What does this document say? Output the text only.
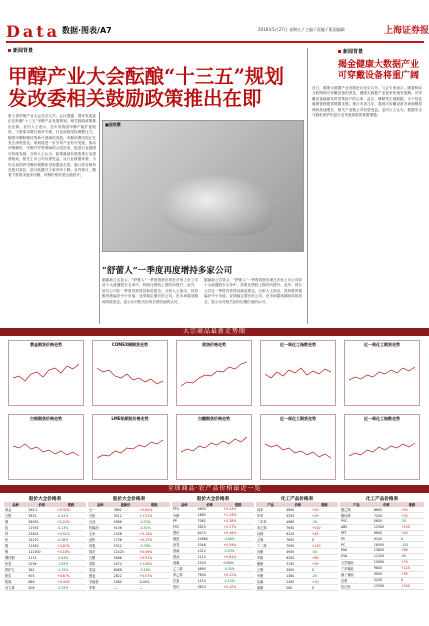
Data 数据·图表/A7	2016年5月27日 星期五 / 主编 / 责编 / 版面编辑	上海证券报
新闻背景
甲醇产业大会酝酿“十三五”规划
发改委相关鼓励政策推出在即
第十届甲醇产业大会在京召开。会议透露，国家发改委正在酝酿“十三五”甲醇产业发展规划，相关鼓励政策推出在即。业内人士表示，近年来我国甲醇产能扩张较快，下游需求增长相对平缓，行业面临结构调整压力。随着甲醇制烯烃等新兴领域的发展，甲醇消费结构正在发生深刻变化。规划将进一步引导产业有序发展，推动甲醇燃料、甲醇汽车等领域的示范应用，促进行业健康可持续发展。分析人士认为，政策落地有望改善行业供需格局，相关上市公司有望受益。从行业数据来看，今年以来国内甲醇价格整体呈现震荡走势，港口库存维持在相对高位，部分装置开工率有所下降。业内预计，随着下游需求逐步回暖，甲醇价格有望企稳回升。
■邵欣摄
“舒蕾人”一季度再度增持多家公司
据最新公告显示，“舒蕾人”一季度再度出现在多家上市公司前十大流通股东名单中，持股比例较上期有所提升。此外，部分公司在一季度内获得其新进建仓。分析人士指出，其持股风格偏好中小市值、业绩稳定增长的公司，在市场震荡期间持续加仓，显示出对相关标的长期价值的认可。
据最新公告显示，“舒蕾人”一季度再度出现在多家上市公司前十大流通股东名单中，持股比例较上期有所提升。此外，部分公司在一季度内获得其新进建仓。分析人士指出，其持股风格偏好中小市值、业绩稳定增长的公司，在市场震荡期间持续加仓，显示出对相关标的长期价值的认可。
新闻背景
揭金健康大数据产业
可穿戴设备将重广阔
近日，健康大数据产业发展论坛在京召开。与会专家表示，随着移动互联网和可穿戴设备的普及，健康大数据产业迎来快速发展期。可穿戴设备能够实时采集用户的心率、血压、睡眠等生理数据，为个性化健康管理提供数据支撑。预计未来几年，我国可穿戴设备市场规模将保持高速增长，相关产业链公司有望受益。业内人士认为，数据安全与隐私保护仍是行业发展面临的重要课题。
大宗商品最新走势图
黄金期货价格走势	COMEX铜期货走势	原油价格走势	近一周化工指数走势	近一周化工期货走势
白银期货价格走势	LME铝期货价格走势	白糖期货价格走势	近一周化工期货走势	近一周化工指数走势
全球商品·农产品价格最近一览
股价大全价格表
品种	价格	涨跌
黄金	265.2	+0.32%
白银	3615	-0.41%
铜	36050	+0.22%
铝	11935	-0.13%
锌	15825	+0.51%
铅	14210	-0.28%
镍	71550	+0.87%
锡	112300	+0.18%
螺纹钢	2115	-0.94%
热卷	2256	-1.05%
铁矿石	362	-2.15%
焦炭	903	+0.67%
焦煤	686	+0.44%
动力煤	406	-0.25%
股价大全价格表
品种	最新价	涨跌
豆一	3892	+0.62%
豆粕	3012	+1.21%
豆油	5986	-0.33%
棕榈油	5106	-0.51%
玉米	1438	+0.14%
淀粉	1736	+0.23%
鸡蛋	3322	-0.78%
棉花	11420	+0.49%
白糖	5488	+0.91%
菜粕	2474	+1.06%
菜油	6088	-0.16%
强麦	2822	+0.07%
早籼稻	2480	0.00%
苹果	—	—
股价大全价格表
品种	价格	涨跌
PTA	4650	+0.43%
甲醇	1865	+1.14%
PP	7062	+0.38%
PVC	5615	+0.27%
塑料	8475	+0.18%
橡胶	10880	-0.68%
沥青	2046	+0.59%
玻璃	1012	-0.20%
燃油	2110	+0.81%
纯碱	1520	0.00%
乙二醇	4895	-0.35%
苯乙烯	7650	+0.22%
尿素	1510	-0.13%
短纤	5820	+0.10%
化工产品价格表
产品	价格	涨跌
纯苯	4650	+50
甲苯	4320	+20
二甲苯	4980	-30
苯乙烯	7650	+100
丙烯	6120	+40
乙烯	7800	0
丁二烯	7050	+150
丙酮	4950	-50
苯酚	6200	+80
醋酸	3150	+30
乙醇	5900	0
甲醛	1380	-20
烧碱	2450	+10
硫酸	280	0
化工产品价格表
产品	价格	涨跌
聚乙烯	8600	+50
聚丙烯	7200	+30
PVC	5650	-20
ABS	12300	+100
PET	6800	+40
PS	9100	0
PC	16500	-150
PA6	13800	+80
EVA	11200	-60
天然橡胶	10900	+70
丁苯橡胶	9800	+120
顺丁橡胶	9950	+90
炭黑	5200	0
钛白粉	13200	+200
